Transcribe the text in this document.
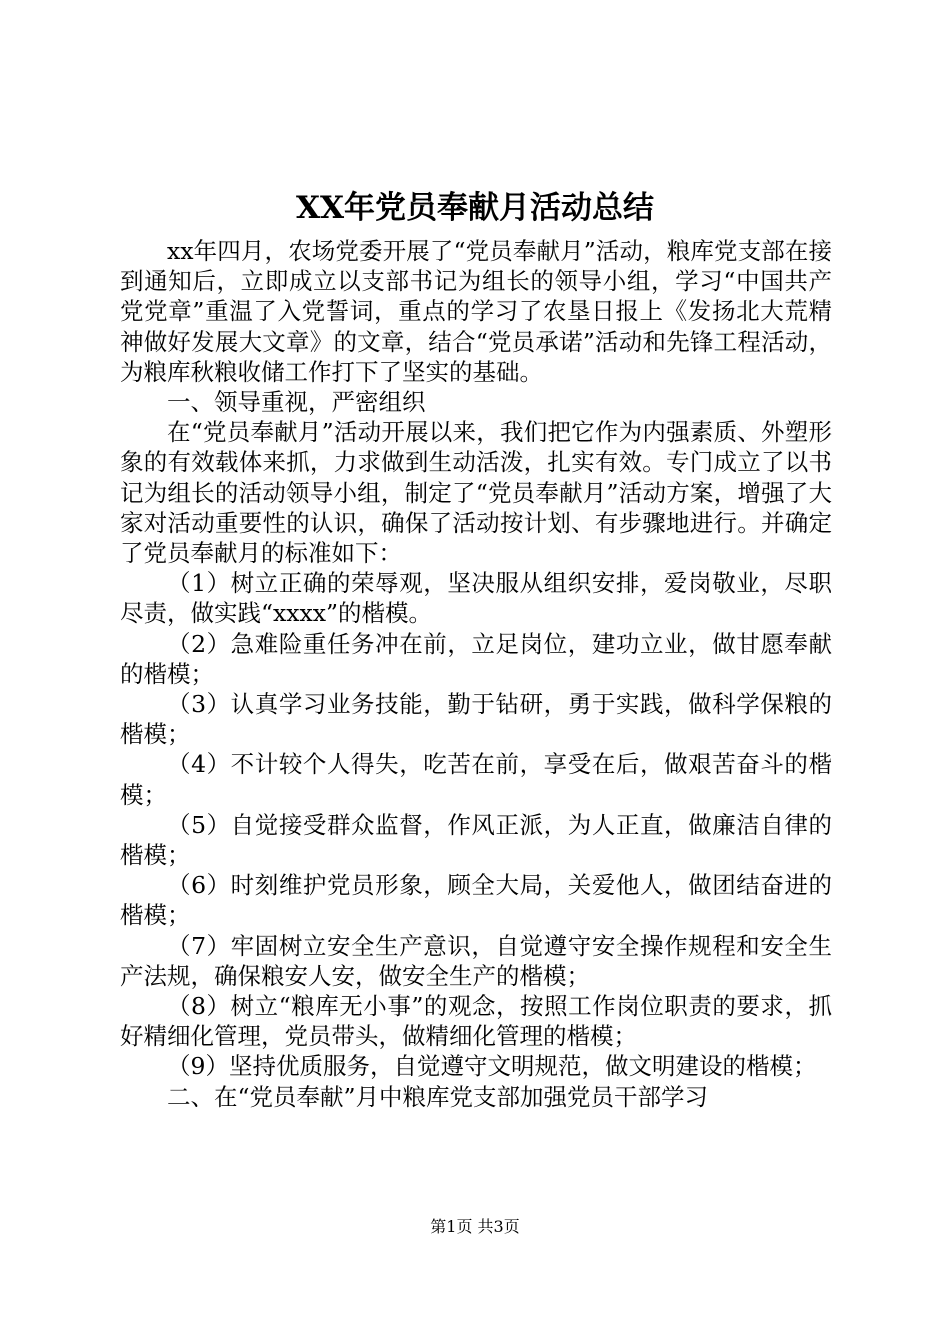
XX年党员奉献月活动总结

xx年四月，农场党委开展了“党员奉献月”活动，粮库党支部在接到通知后，立即成立以支部书记为组长的领导小组，学习“中国共产党党章”重温了入党誓词，重点的学习了农垦日报上《发扬北大荒精神做好发展大文章》的文章，结合“党员承诺”活动和先锋工程活动，为粮库秋粮收储工作打下了坚实的基础。

一、领导重视，严密组织

在“党员奉献月”活动开展以来，我们把它作为内强素质、外塑形象的有效载体来抓，力求做到生动活泼，扎实有效。专门成立了以书记为组长的活动领导小组，制定了“党员奉献月”活动方案，增强了大家对活动重要性的认识，确保了活动按计划、有步骤地进行。并确定了党员奉献月的标准如下：

（1）树立正确的荣辱观，坚决服从组织安排，爱岗敬业，尽职尽责，做实践“xxxx”的楷模。

（2）急难险重任务冲在前，立足岗位，建功立业，做甘愿奉献的楷模；

（3）认真学习业务技能，勤于钻研，勇于实践，做科学保粮的楷模；

（4）不计较个人得失，吃苦在前，享受在后，做艰苦奋斗的楷模；

（5）自觉接受群众监督，作风正派，为人正直，做廉洁自律的楷模；

（6）时刻维护党员形象，顾全大局，关爱他人，做团结奋进的楷模；

（7）牢固树立安全生产意识，自觉遵守安全操作规程和安全生产法规，确保粮安人安，做安全生产的楷模；

（8）树立“粮库无小事”的观念，按照工作岗位职责的要求，抓好精细化管理，党员带头，做精细化管理的楷模；

（9）坚持优质服务，自觉遵守文明规范，做文明建设的楷模；

二、在“党员奉献”月中粮库党支部加强党员干部学习

第1页 共3页
